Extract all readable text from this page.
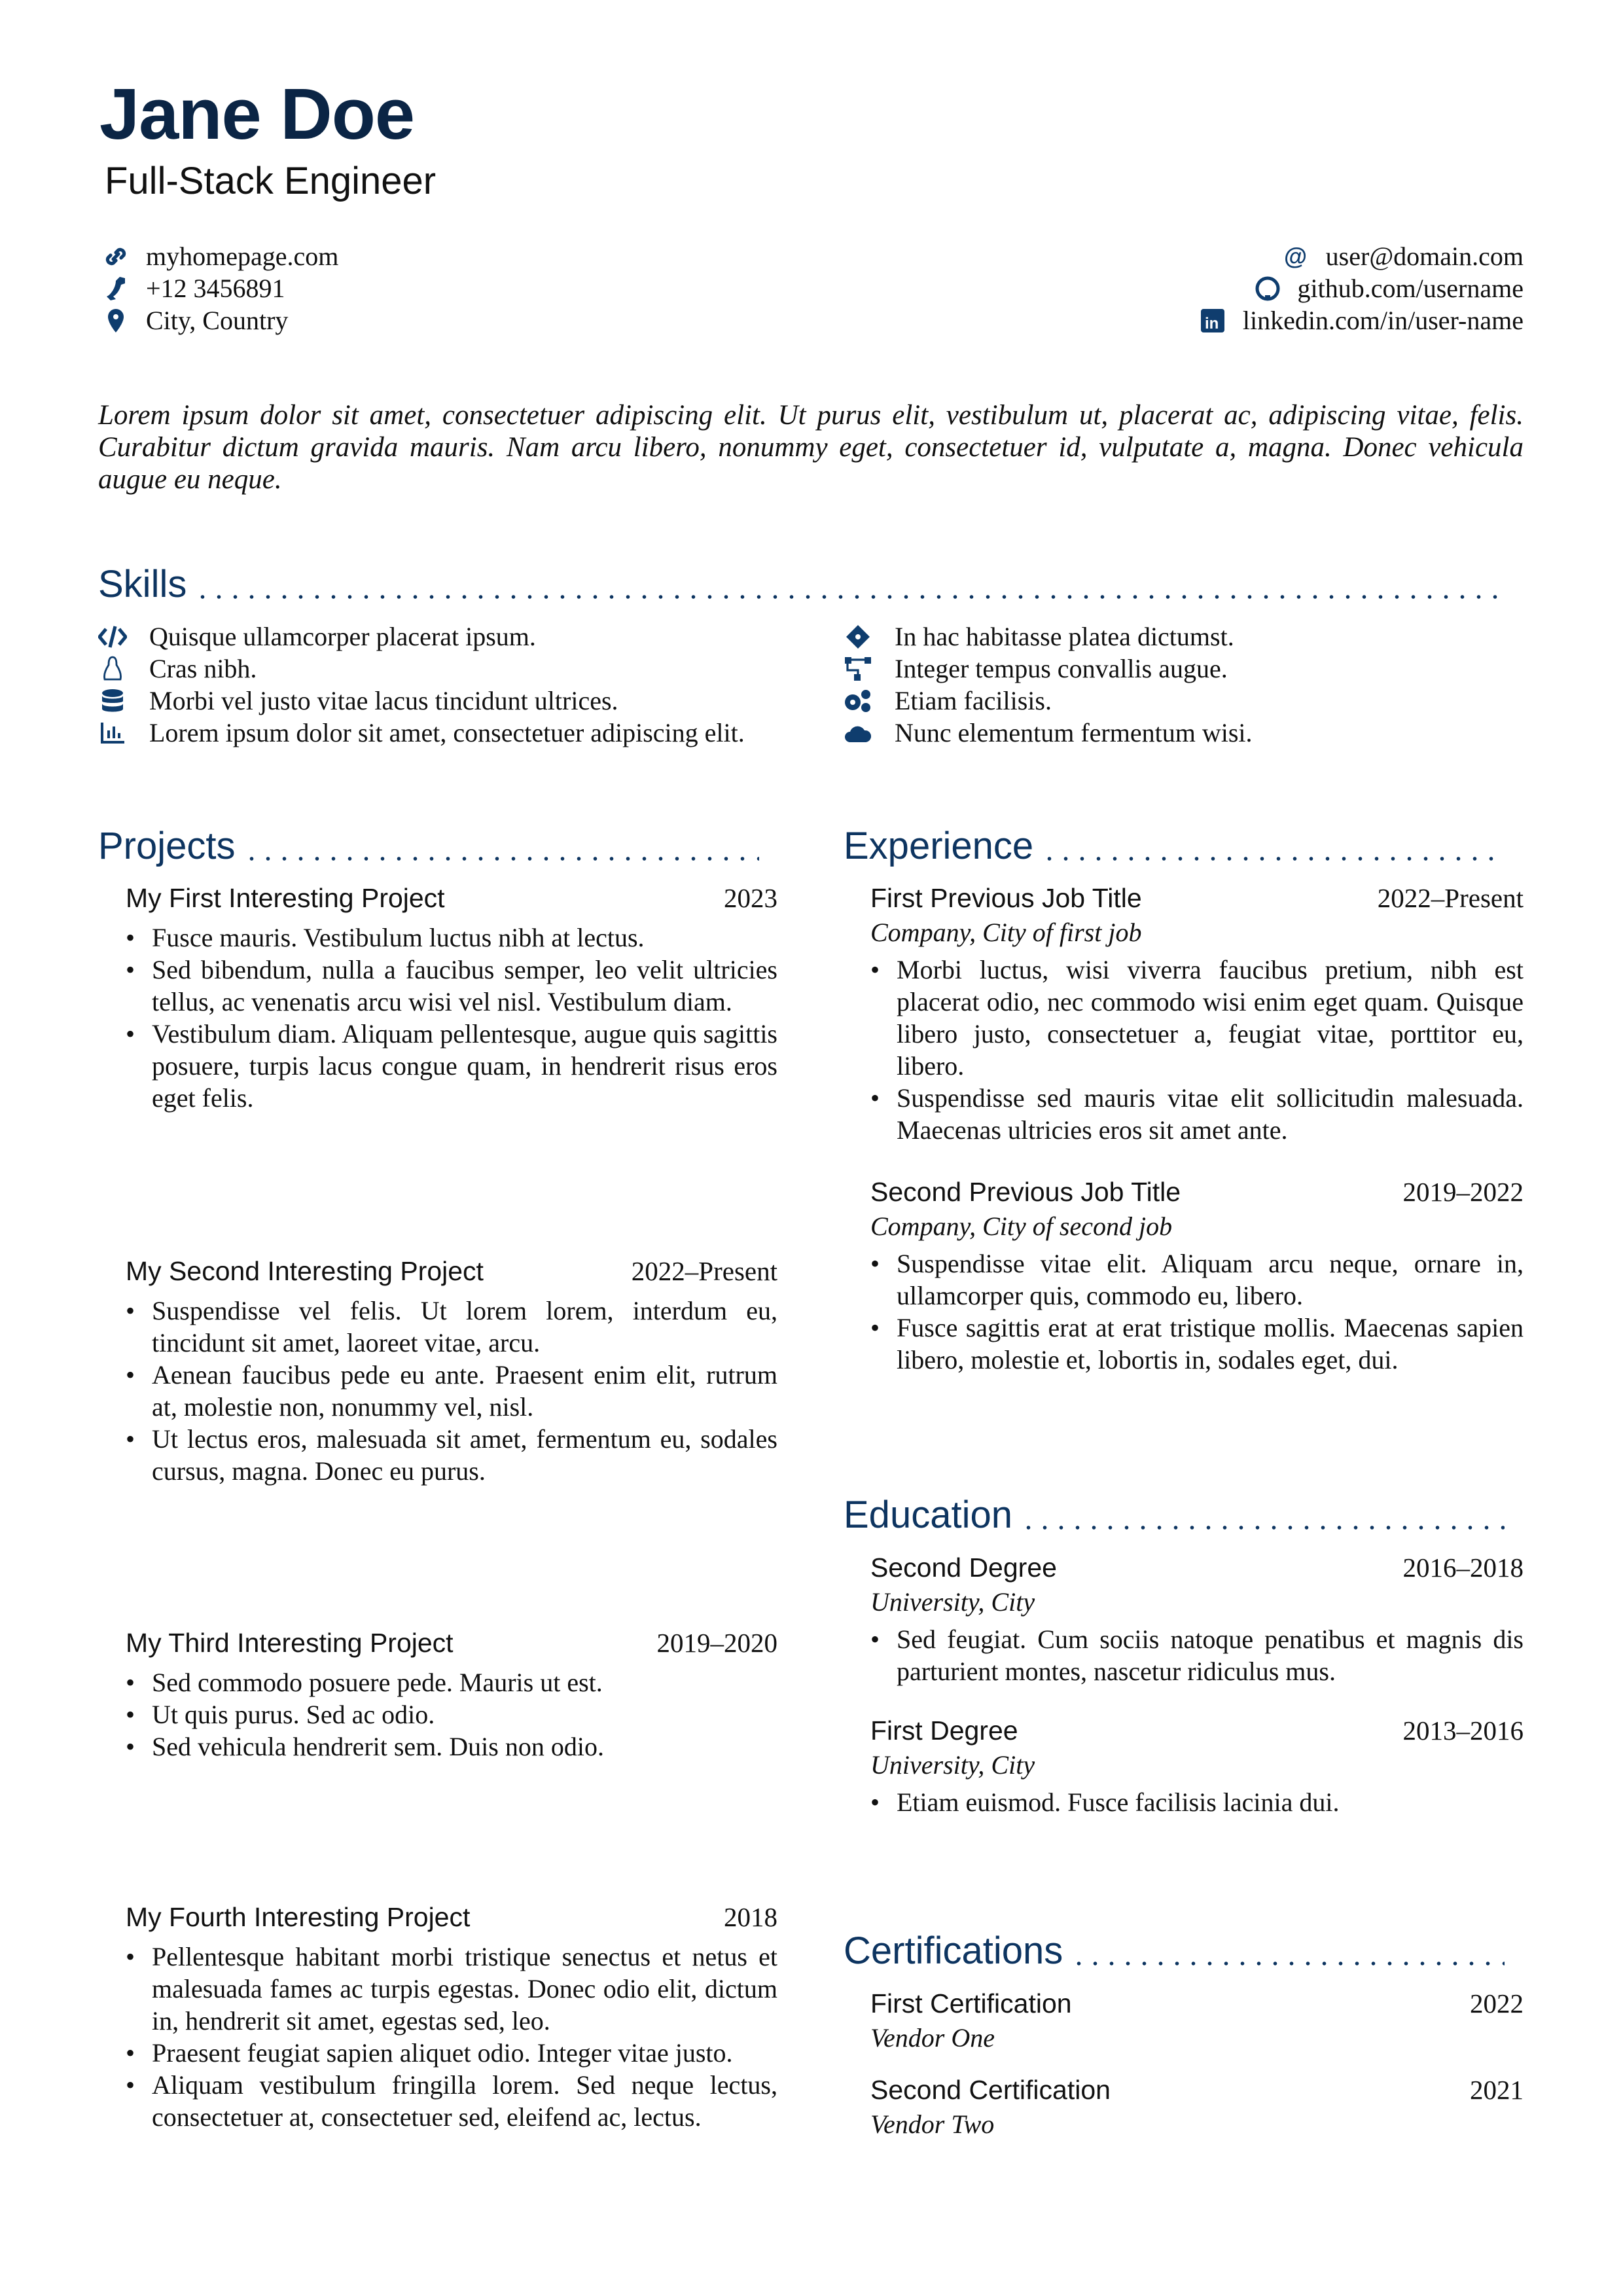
Jane Doe
Full-Stack Engineer
myhomepage.com
+12 3456891
City, Country
@ user@domain.com
github.com/username
in linkedin.com/in/user-name
Lorem ipsum dolor sit amet, consectetuer adipiscing elit. Ut purus elit, vestibulum ut, placerat ac, adipiscing vitae, felis. Curabitur dictum gravida mauris. Nam arcu libero, nonummy eget, consectetuer id, vulputate a, magna. Donec vehicula augue eu neque.
Skills
Quisque ullamcorper placerat ipsum.
Cras nibh.
Morbi vel justo vitae lacus tincidunt ultrices.
Lorem ipsum dolor sit amet, consectetuer adipiscing elit.
In hac habitasse platea dictumst.
Integer tempus convallis augue.
Etiam facilisis.
Nunc elementum fermentum wisi.
Projects
My First Interesting Project	2023
• Fusce mauris. Vestibulum luctus nibh at lectus.
• Sed bibendum, nulla a faucibus semper, leo velit ultricies tellus, ac venenatis arcu wisi vel nisl. Vestibulum diam.
• Vestibulum diam. Aliquam pellentesque, augue quis sagittis posuere, turpis lacus congue quam, in hendrerit risus eros eget felis.
My Second Interesting Project	2022–Present
• Suspendisse vel felis. Ut lorem lorem, interdum eu, tincidunt sit amet, laoreet vitae, arcu.
• Aenean faucibus pede eu ante. Praesent enim elit, rutrum at, molestie non, nonummy vel, nisl.
• Ut lectus eros, malesuada sit amet, fermentum eu, sodales cursus, magna. Donec eu purus.
My Third Interesting Project	2019–2020
• Sed commodo posuere pede. Mauris ut est.
• Ut quis purus. Sed ac odio.
• Sed vehicula hendrerit sem. Duis non odio.
My Fourth Interesting Project	2018
• Pellentesque habitant morbi tristique senectus et netus et malesuada fames ac turpis egestas. Donec odio elit, dictum in, hendrerit sit amet, egestas sed, leo.
• Praesent feugiat sapien aliquet odio. Integer vitae justo.
• Aliquam vestibulum fringilla lorem. Sed neque lectus, consectetuer at, consectetuer sed, eleifend ac, lectus.
Experience
First Previous Job Title	2022–Present
Company, City of first job
• Morbi luctus, wisi viverra faucibus pretium, nibh est placerat odio, nec commodo wisi enim eget quam. Quisque libero justo, consectetuer a, feugiat vitae, porttitor eu, libero.
• Suspendisse sed mauris vitae elit sollicitudin malesuada. Maecenas ultricies eros sit amet ante.
Second Previous Job Title	2019–2022
Company, City of second job
• Suspendisse vitae elit. Aliquam arcu neque, ornare in, ullamcorper quis, commodo eu, libero.
• Fusce sagittis erat at erat tristique mollis. Maecenas sapien libero, molestie et, lobortis in, sodales eget, dui.
Education
Second Degree	2016–2018
University, City
• Sed feugiat. Cum sociis natoque penatibus et magnis dis parturient montes, nascetur ridiculus mus.
First Degree	2013–2016
University, City
• Etiam euismod. Fusce facilisis lacinia dui.
Certifications
First Certification	2022
Vendor One
Second Certification	2021
Vendor Two
